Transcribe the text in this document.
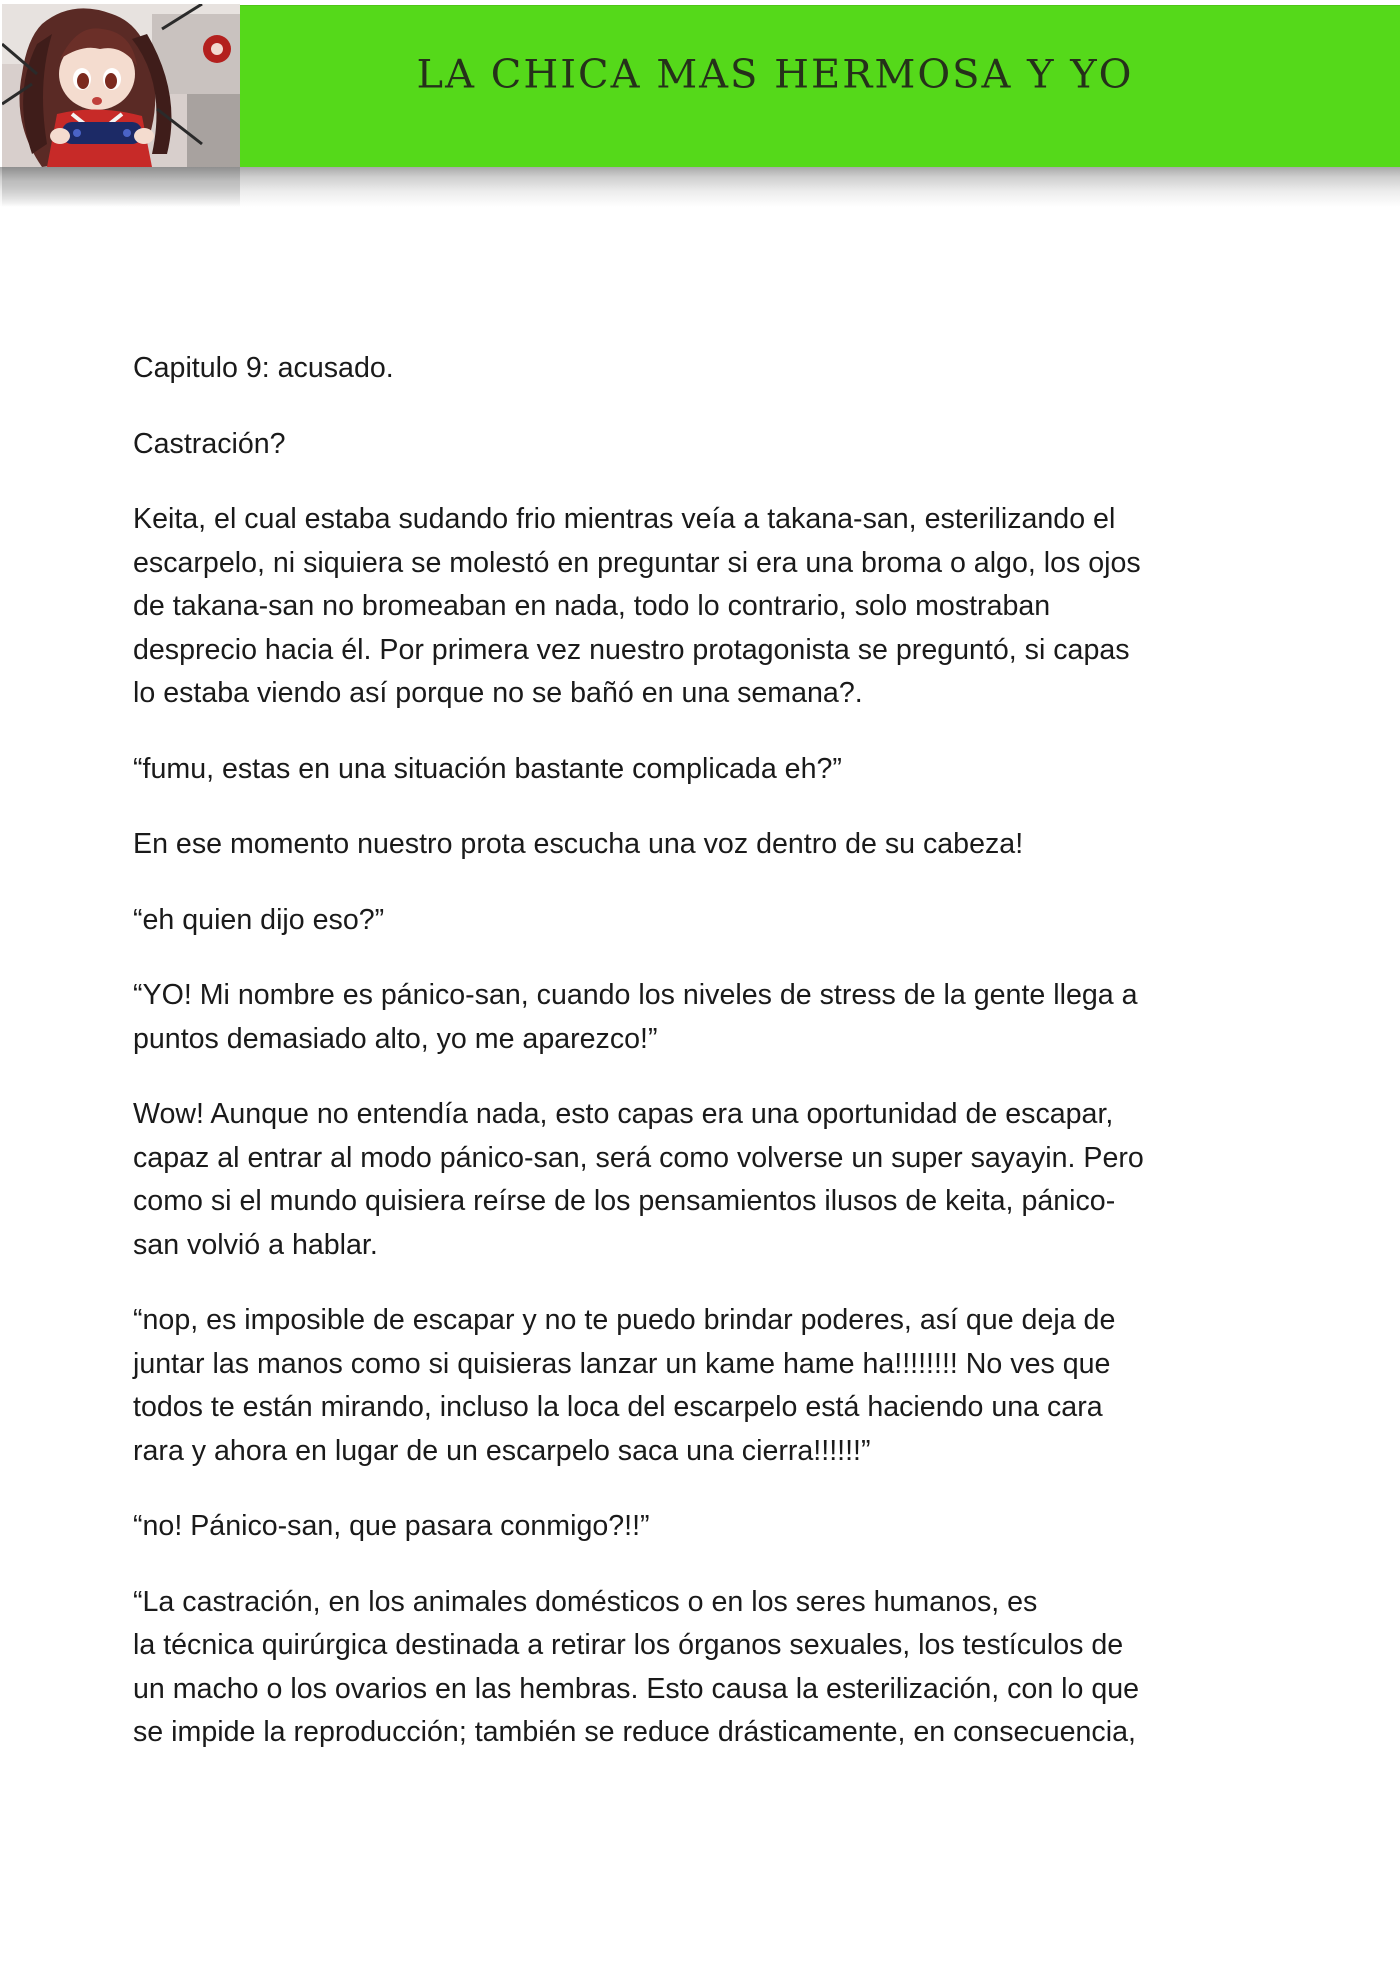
LA CHICA MAS HERMOSA Y YO

Capitulo 9: acusado.

Castración?

Keita, el cual estaba sudando frio mientras veía a takana-san, esterilizando el
escarpelo, ni siquiera se molestó en preguntar si era una broma o algo, los ojos
de takana-san no bromeaban en nada, todo lo contrario, solo mostraban
desprecio hacia él. Por primera vez nuestro protagonista se preguntó, si capas
lo estaba viendo así porque no se bañó en una semana?.

“fumu, estas en una situación bastante complicada eh?”

En ese momento nuestro prota escucha una voz dentro de su cabeza!

“eh quien dijo eso?”

“YO! Mi nombre es pánico-san, cuando los niveles de stress de la gente llega a
puntos demasiado alto, yo me aparezco!”

Wow! Aunque no entendía nada, esto capas era una oportunidad de escapar,
capaz al entrar al modo pánico-san, será como volverse un super sayayin. Pero
como si el mundo quisiera reírse de los pensamientos ilusos de keita, pánico-
san volvió a hablar.

“nop, es imposible de escapar y no te puedo brindar poderes, así que deja de
juntar las manos como si quisieras lanzar un kame hame ha!!!!!!!! No ves que
todos te están mirando, incluso la loca del escarpelo está haciendo una cara
rara y ahora en lugar de un escarpelo saca una cierra!!!!!!”

“no! Pánico-san, que pasara conmigo?!!”

“La castración, en los animales domésticos o en los seres humanos, es
la técnica quirúrgica destinada a retirar los órganos sexuales, los testículos de
un macho o los ovarios en las hembras. Esto causa la esterilización, con lo que
se impide la reproducción; también se reduce drásticamente, en consecuencia,
